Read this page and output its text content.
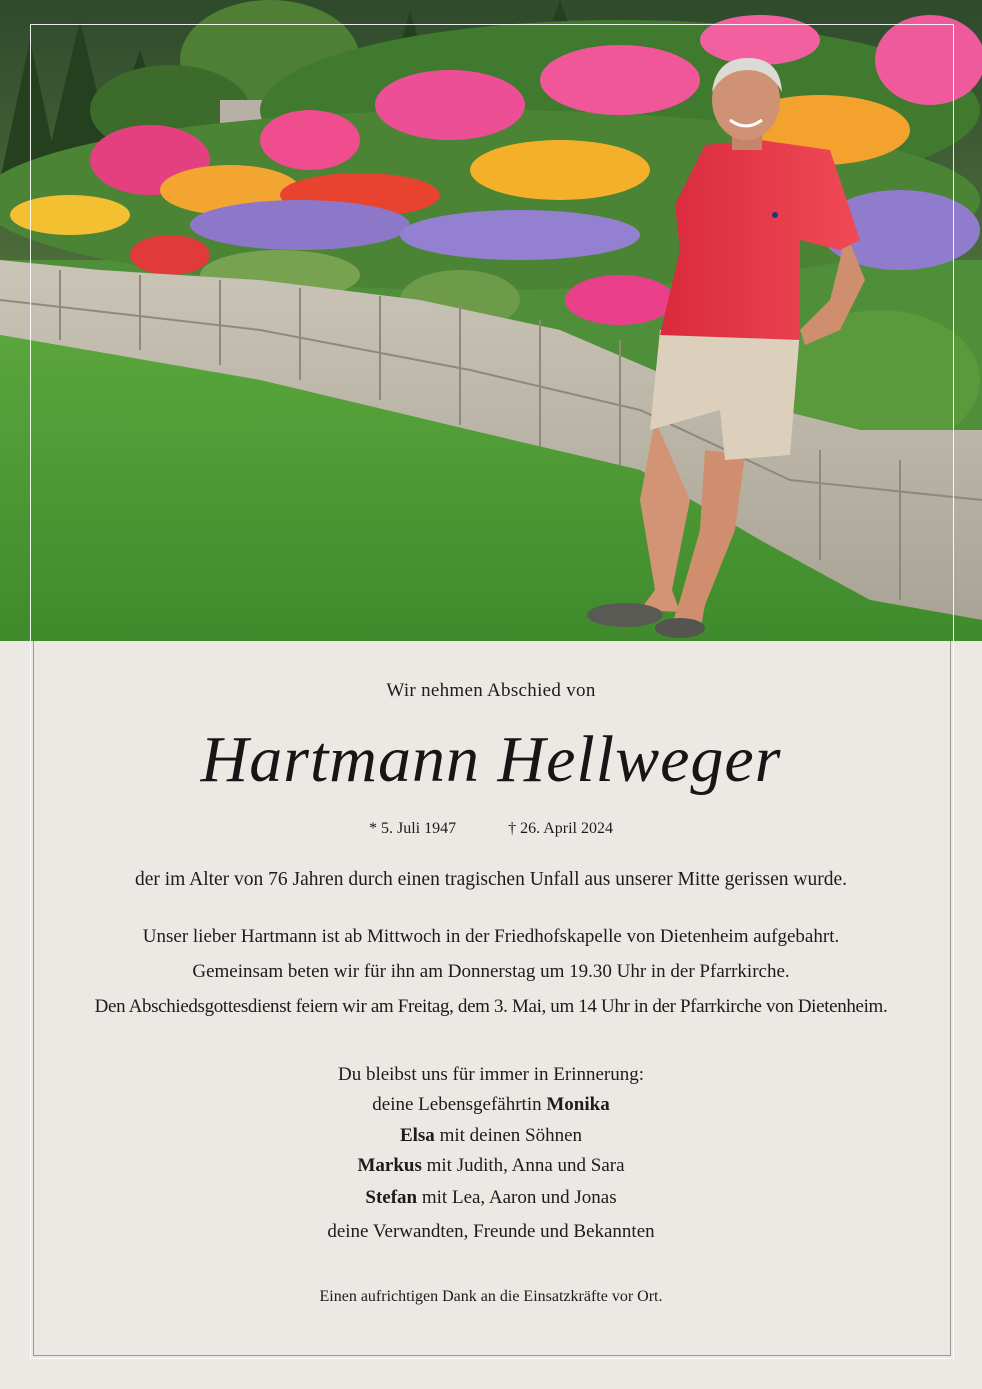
Wir nehmen Abschied von
Hartmann Hellweger
* 5. Juli 1947	† 26. April 2024
der im Alter von 76 Jahren durch einen tragischen Unfall aus unserer Mitte gerissen wurde.
Unser lieber Hartmann ist ab Mittwoch in der Friedhofskapelle von Dietenheim aufgebahrt.
Gemeinsam beten wir für ihn am Donnerstag um 19.30 Uhr in der Pfarrkirche.
Den Abschiedsgottesdienst feiern wir am Freitag, dem 3. Mai, um 14 Uhr in der Pfarrkirche von Dietenheim.
Du bleibst uns für immer in Erinnerung:
deine Lebensgefährtin Monika
Elsa mit deinen Söhnen
Markus mit Judith, Anna und Sara
Stefan mit Lea, Aaron und Jonas
deine Verwandten, Freunde und Bekannten
Einen aufrichtigen Dank an die Einsatzkräfte vor Ort.
